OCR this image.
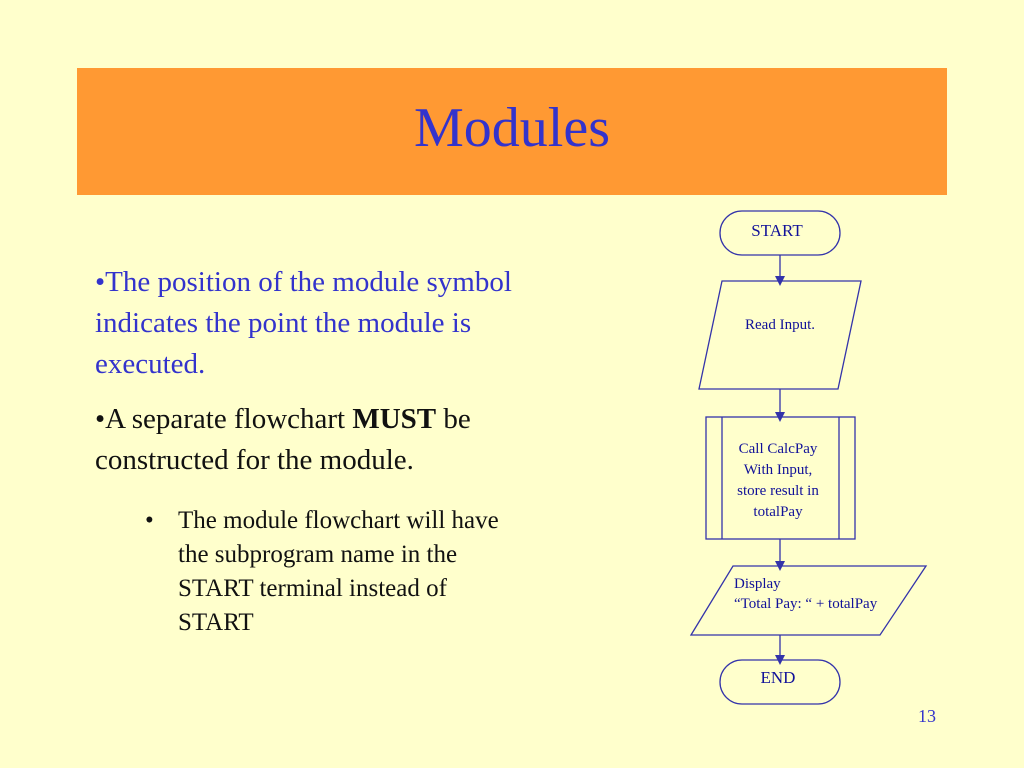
Modules

•The position of the module symbol indicates the point the module is executed.

•A separate flowchart MUST be constructed for the module.

• The module flowchart will have the subprogram name in the START terminal instead of START
START
Read Input.
Call CalcPay
With Input,
store result in
totalPay
Display
“Total Pay: “ + totalPay
END
13
